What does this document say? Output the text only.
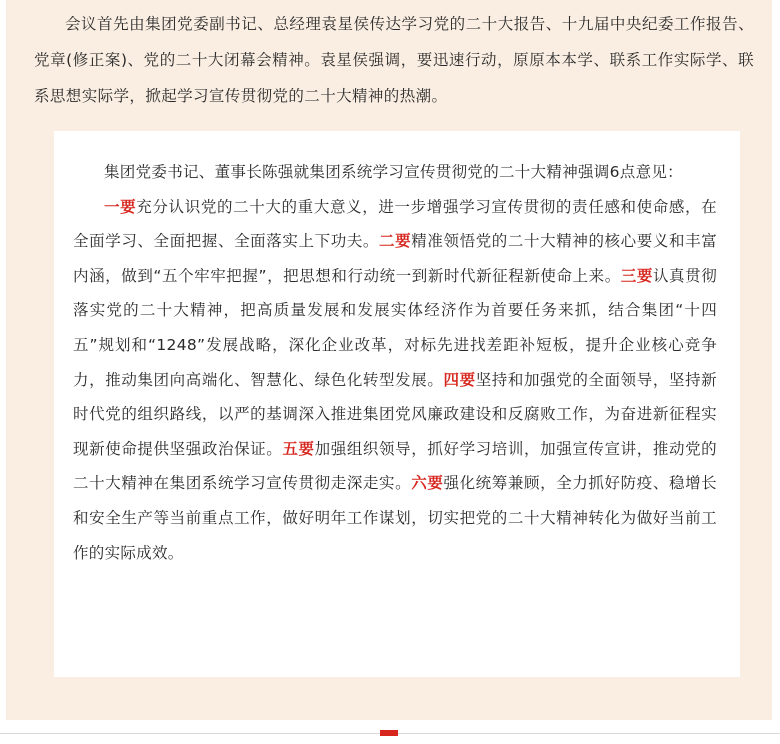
会议首先由集团党委副书记、总经理袁星侯传达学习党的二十大报告、十九届中央纪委工作报告、党章(修正案)、党的二十大闭幕会精神。袁星侯强调，要迅速行动，原原本本学、联系工作实际学、联系思想实际学，掀起学习宣传贯彻党的二十大精神的热潮。

集团党委书记、董事长陈强就集团系统学习宣传贯彻党的二十大精神强调6点意见：

一要充分认识党的二十大的重大意义，进一步增强学习宣传贯彻的责任感和使命感，在全面学习、全面把握、全面落实上下功夫。二要精准领悟党的二十大精神的核心要义和丰富内涵，做到“五个牢牢把握”，把思想和行动统一到新时代新征程新使命上来。三要认真贯彻落实党的二十大精神，把高质量发展和发展实体经济作为首要任务来抓，结合集团“十四五”规划和“1248”发展战略，深化企业改革，对标先进找差距补短板，提升企业核心竞争力，推动集团向高端化、智慧化、绿色化转型发展。四要坚持和加强党的全面领导，坚持新时代党的组织路线，以严的基调深入推进集团党风廉政建设和反腐败工作，为奋进新征程实现新使命提供坚强政治保证。五要加强组织领导，抓好学习培训，加强宣传宣讲，推动党的二十大精神在集团系统学习宣传贯彻走深走实。六要强化统筹兼顾，全力抓好防疫、稳增长和安全生产等当前重点工作，做好明年工作谋划，切实把党的二十大精神转化为做好当前工作的实际成效。
